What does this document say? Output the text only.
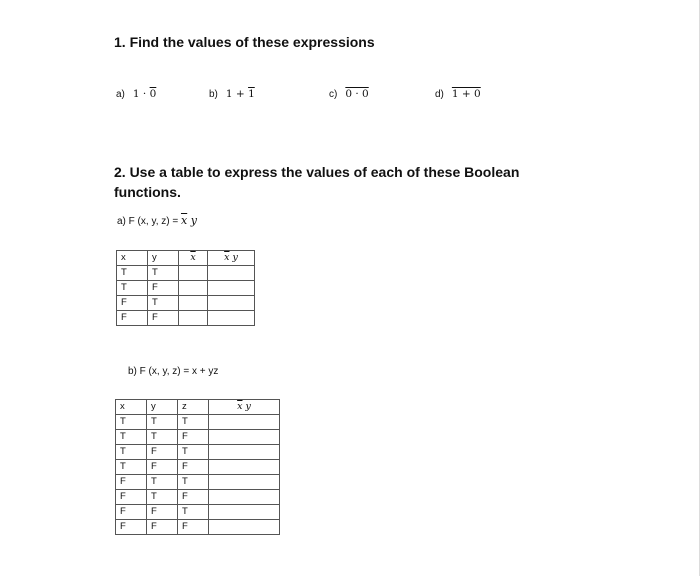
1. Find the values of these expressions
a) 1 · 0	b) 1 + 1	c) 0 · 0	d) 1 + 0
2. Use a table to express the values of each of these Boolean functions.
a) F (x, y, $z) = \overline{x}$ y
x	y	$\overline{x}$	$\overline{x}$ y
T	T		
T	F		
F	T		
F	F		
b) F (x, y, z) = x + yz
x	y	z	$\overline{x}$ y
T	T	T	
T	T	F	
T	F	T	
T	F	F	
F	T	T	
F	T	F	
F	F	T	
F	F	F	
